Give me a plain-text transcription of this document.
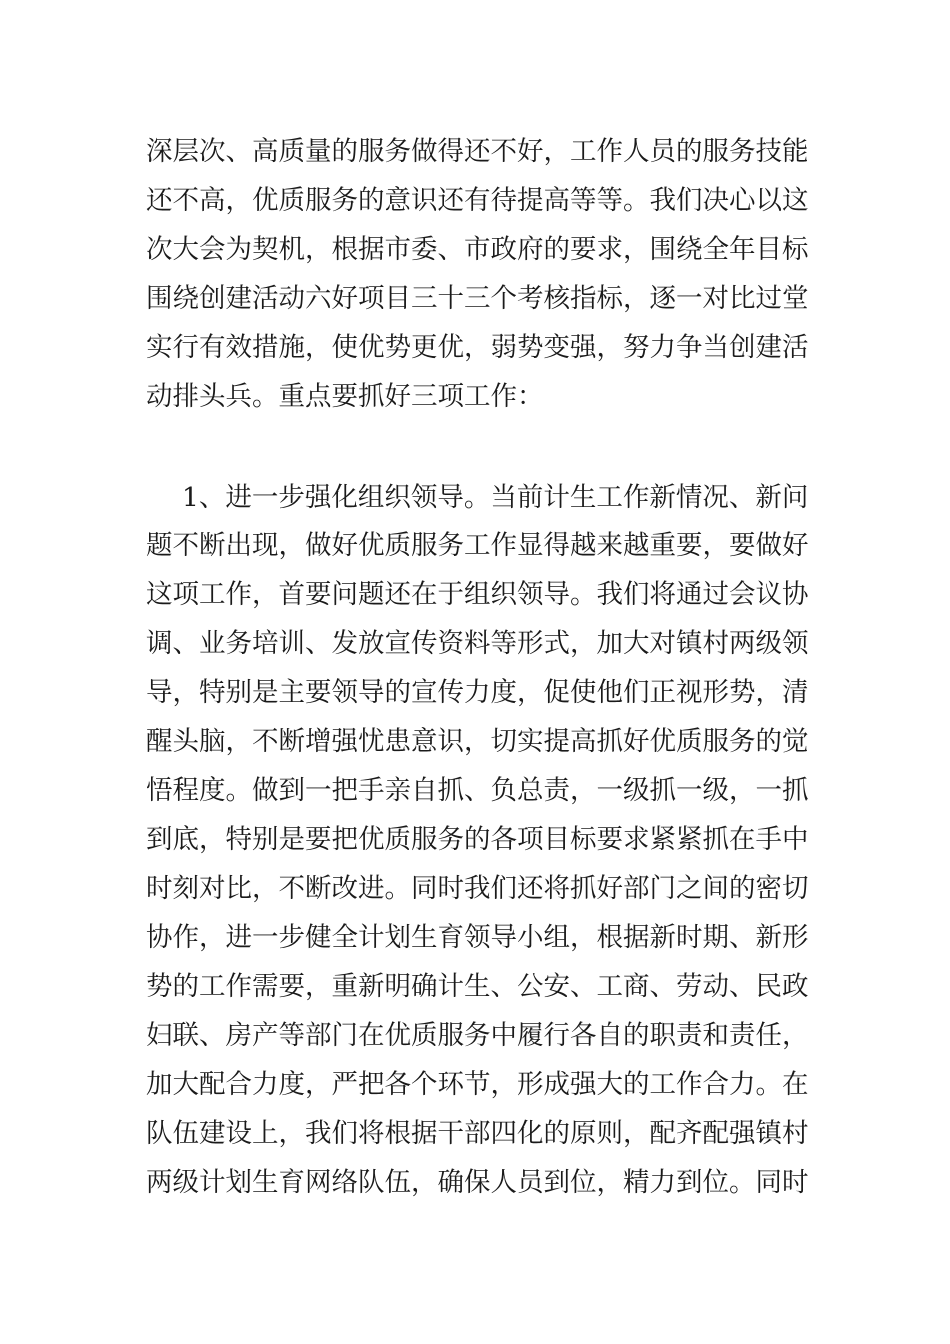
深层次、高质量的服务做得还不好，工作人员的服务技能
还不高，优质服务的意识还有待提高等等。我们决心以这
次大会为契机，根据市委、市政府的要求，围绕全年目标
围绕创建活动六好项目三十三个考核指标，逐一对比过堂
实行有效措施，使优势更优，弱势变强，努力争当创建活
动排头兵。重点要抓好三项工作：
1、进一步强化组织领导。当前计生工作新情况、新问
题不断出现，做好优质服务工作显得越来越重要，要做好
这项工作，首要问题还在于组织领导。我们将通过会议协
调、业务培训、发放宣传资料等形式，加大对镇村两级领
导，特别是主要领导的宣传力度，促使他们正视形势，清
醒头脑，不断增强忧患意识，切实提高抓好优质服务的觉
悟程度。做到一把手亲自抓、负总责，一级抓一级，一抓
到底，特别是要把优质服务的各项目标要求紧紧抓在手中
时刻对比，不断改进。同时我们还将抓好部门之间的密切
协作，进一步健全计划生育领导小组，根据新时期、新形
势的工作需要，重新明确计生、公安、工商、劳动、民政
妇联、房产等部门在优质服务中履行各自的职责和责任，
加大配合力度，严把各个环节，形成强大的工作合力。在
队伍建设上，我们将根据干部四化的原则，配齐配强镇村
两级计划生育网络队伍，确保人员到位，精力到位。同时
